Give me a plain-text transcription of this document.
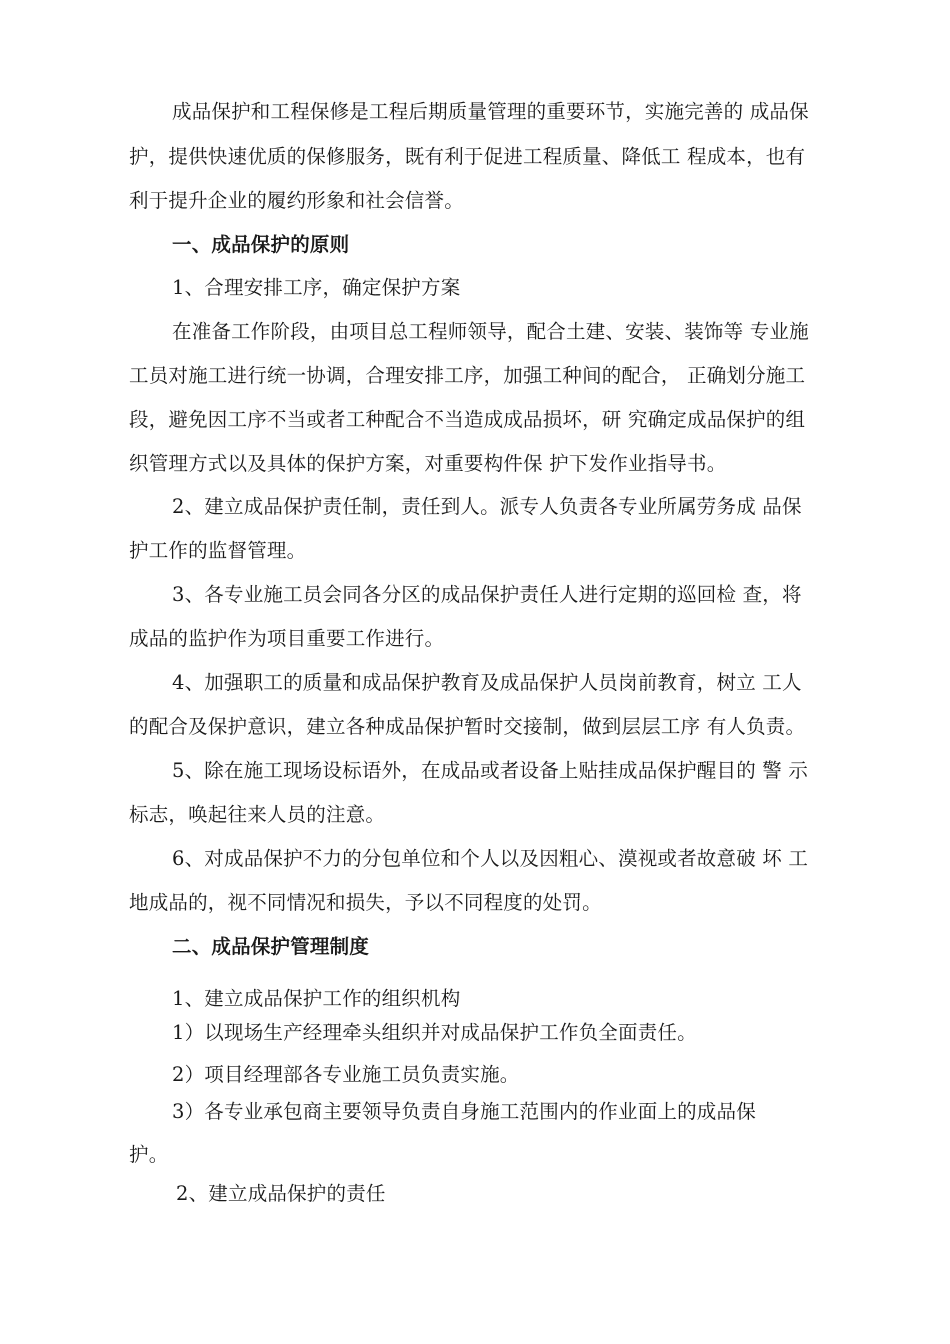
成品保护和工程保修是工程后期质量管理的重要环节，实施完善的 成品保
护，提供快速优质的保修服务，既有利于促进工程质量、降低工 程成本，也有
利于提升企业的履约形象和社会信誉。
一、成品保护的原则
1、合理安排工序，确定保护方案
在准备工作阶段，由项目总工程师领导，配合土建、安装、装饰等 专业施
工员对施工进行统一协调，合理安排工序，加强工种间的配合， 正确划分施工
段，避免因工序不当或者工种配合不当造成成品损坏，研 究确定成品保护的组
织管理方式以及具体的保护方案，对重要构件保 护下发作业指导书。
2、建立成品保护责任制，责任到人。派专人负责各专业所属劳务成 品保
护工作的监督管理。
3、各专业施工员会同各分区的成品保护责任人进行定期的巡回检 查，将
成品的监护作为项目重要工作进行。
4、加强职工的质量和成品保护教育及成品保护人员岗前教育，树立 工人
的配合及保护意识，建立各种成品保护暂时交接制，做到层层工序 有人负责。
5、除在施工现场设标语外，在成品或者设备上贴挂成品保护醒目的 警 示
标志，唤起往来人员的注意。
6、对成品保护不力的分包单位和个人以及因粗心、漠视或者故意破 坏 工
地成品的，视不同情况和损失，予以不同程度的处罚。
二、成品保护管理制度
1、建立成品保护工作的组织机构
1）以现场生产经理牵头组织并对成品保护工作负全面责任。
2）项目经理部各专业施工员负责实施。
3）各专业承包商主要领导负责自身施工范围内的作业面上的成品保
护。
2、建立成品保护的责任
